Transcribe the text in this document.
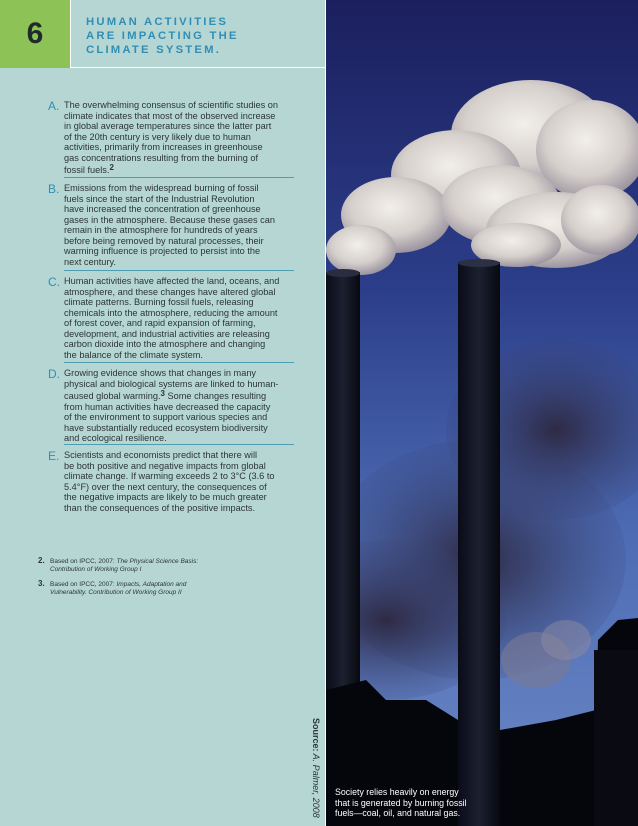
6	HUMAN ACTIVITIES
ARE IMPACTING THE
CLIMATE SYSTEM.
A. The overwhelming consensus of scientific studies on
climate indicates that most of the observed increase
in global average temperatures since the latter part
of the 20th century is very likely due to human
activities, primarily from increases in greenhouse
gas concentrations resulting from the burning of
fossil fuels.2
B. Emissions from the widespread burning of fossil
fuels since the start of the Industrial Revolution
have increased the concentration of greenhouse
gases in the atmosphere. Because these gases can
remain in the atmosphere for hundreds of years
before being removed by natural processes, their
warming influence is projected to persist into the
next century.
C. Human activities have affected the land, oceans, and
atmosphere, and these changes have altered global
climate patterns. Burning fossil fuels, releasing
chemicals into the atmosphere, reducing the amount
of forest cover, and rapid expansion of farming,
development, and industrial activities are releasing
carbon dioxide into the atmosphere and changing
the balance of the climate system.
D. Growing evidence shows that changes in many
physical and biological systems are linked to human-
caused global warming.3 Some changes resulting
from human activities have decreased the capacity
of the environment to support various species and
have substantially reduced ecosystem biodiversity
and ecological resilience.
E. Scientists and economists predict that there will
be both positive and negative impacts from global
climate change. If warming exceeds 2 to 3°C (3.6 to
5.4°F) over the next century, the consequences of
the negative impacts are likely to be much greater
than the consequences of the positive impacts.
2. Based on IPCC, 2007: The Physical Science Basis:
Contribution of Working Group I
3. Based on IPCC, 2007: Impacts, Adaptation and
Vulnerability. Contribution of Working Group II
Source: A. Palmer, 2008 Society relies heavily on energy
that is generated by burning fossil
fuels—coal, oil, and natural gas.
